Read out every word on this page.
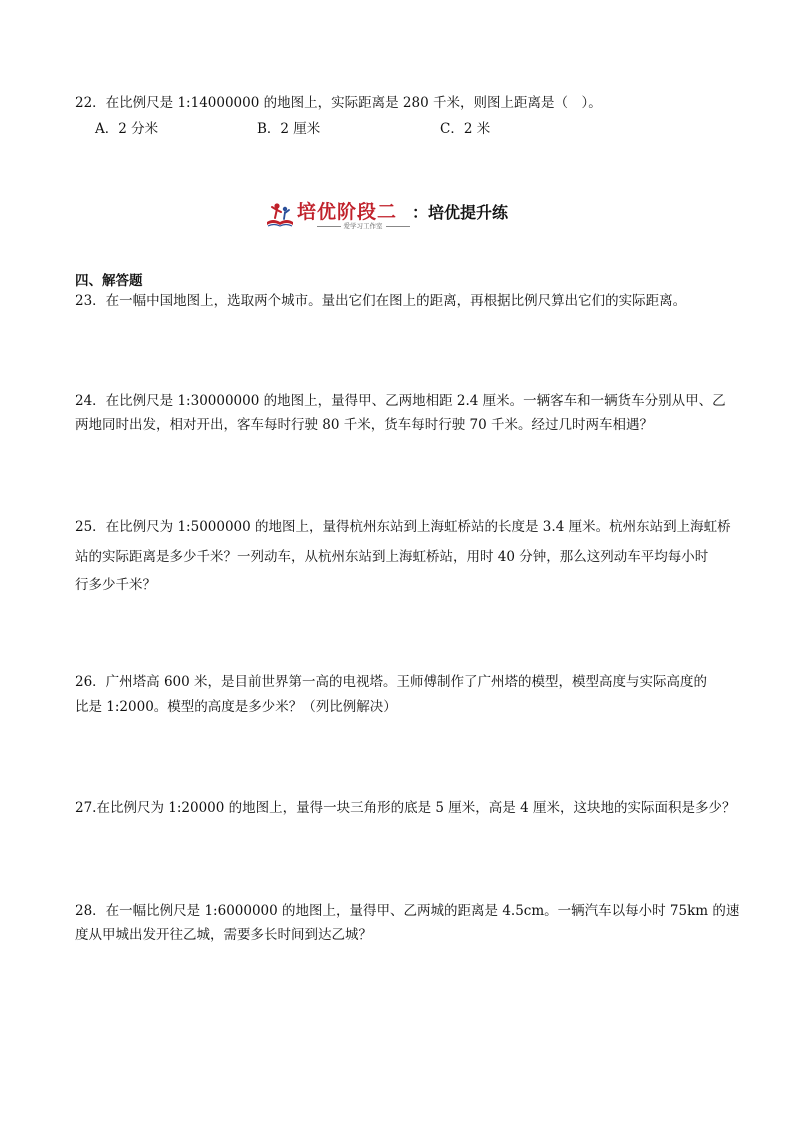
22．在比例尺是 1:14000000 的地图上，实际距离是 280 千米，则图上距离是（　）。
A．2 分米	B．2 厘米	C．2 米
培优阶段二
爱学习工作室
：培优提升练
四、解答题
23．在一幅中国地图上，选取两个城市。量出它们在图上的距离，再根据比例尺算出它们的实际距离。
24．在比例尺是 1:30000000 的地图上，量得甲、乙两地相距 2.4 厘米。一辆客车和一辆货车分别从甲、乙
两地同时出发，相对开出，客车每时行驶 80 千米，货车每时行驶 70 千米。经过几时两车相遇？
25．在比例尺为 1:5000000 的地图上，量得杭州东站到上海虹桥站的长度是 3.4 厘米。杭州东站到上海虹桥
站的实际距离是多少千米？一列动车，从杭州东站到上海虹桥站，用时 40 分钟，那么这列动车平均每小时
行多少千米？
26．广州塔高 600 米，是目前世界第一高的电视塔。王师傅制作了广州塔的模型，模型高度与实际高度的
比是 1:2000。模型的高度是多少米？（列比例解决）
27.在比例尺为 1:20000 的地图上，量得一块三角形的底是 5 厘米，高是 4 厘米，这块地的实际面积是多少？
28．在一幅比例尺是 1:6000000 的地图上，量得甲、乙两城的距离是 4.5cm。一辆汽车以每小时 75km 的速
度从甲城出发开往乙城，需要多长时间到达乙城？
